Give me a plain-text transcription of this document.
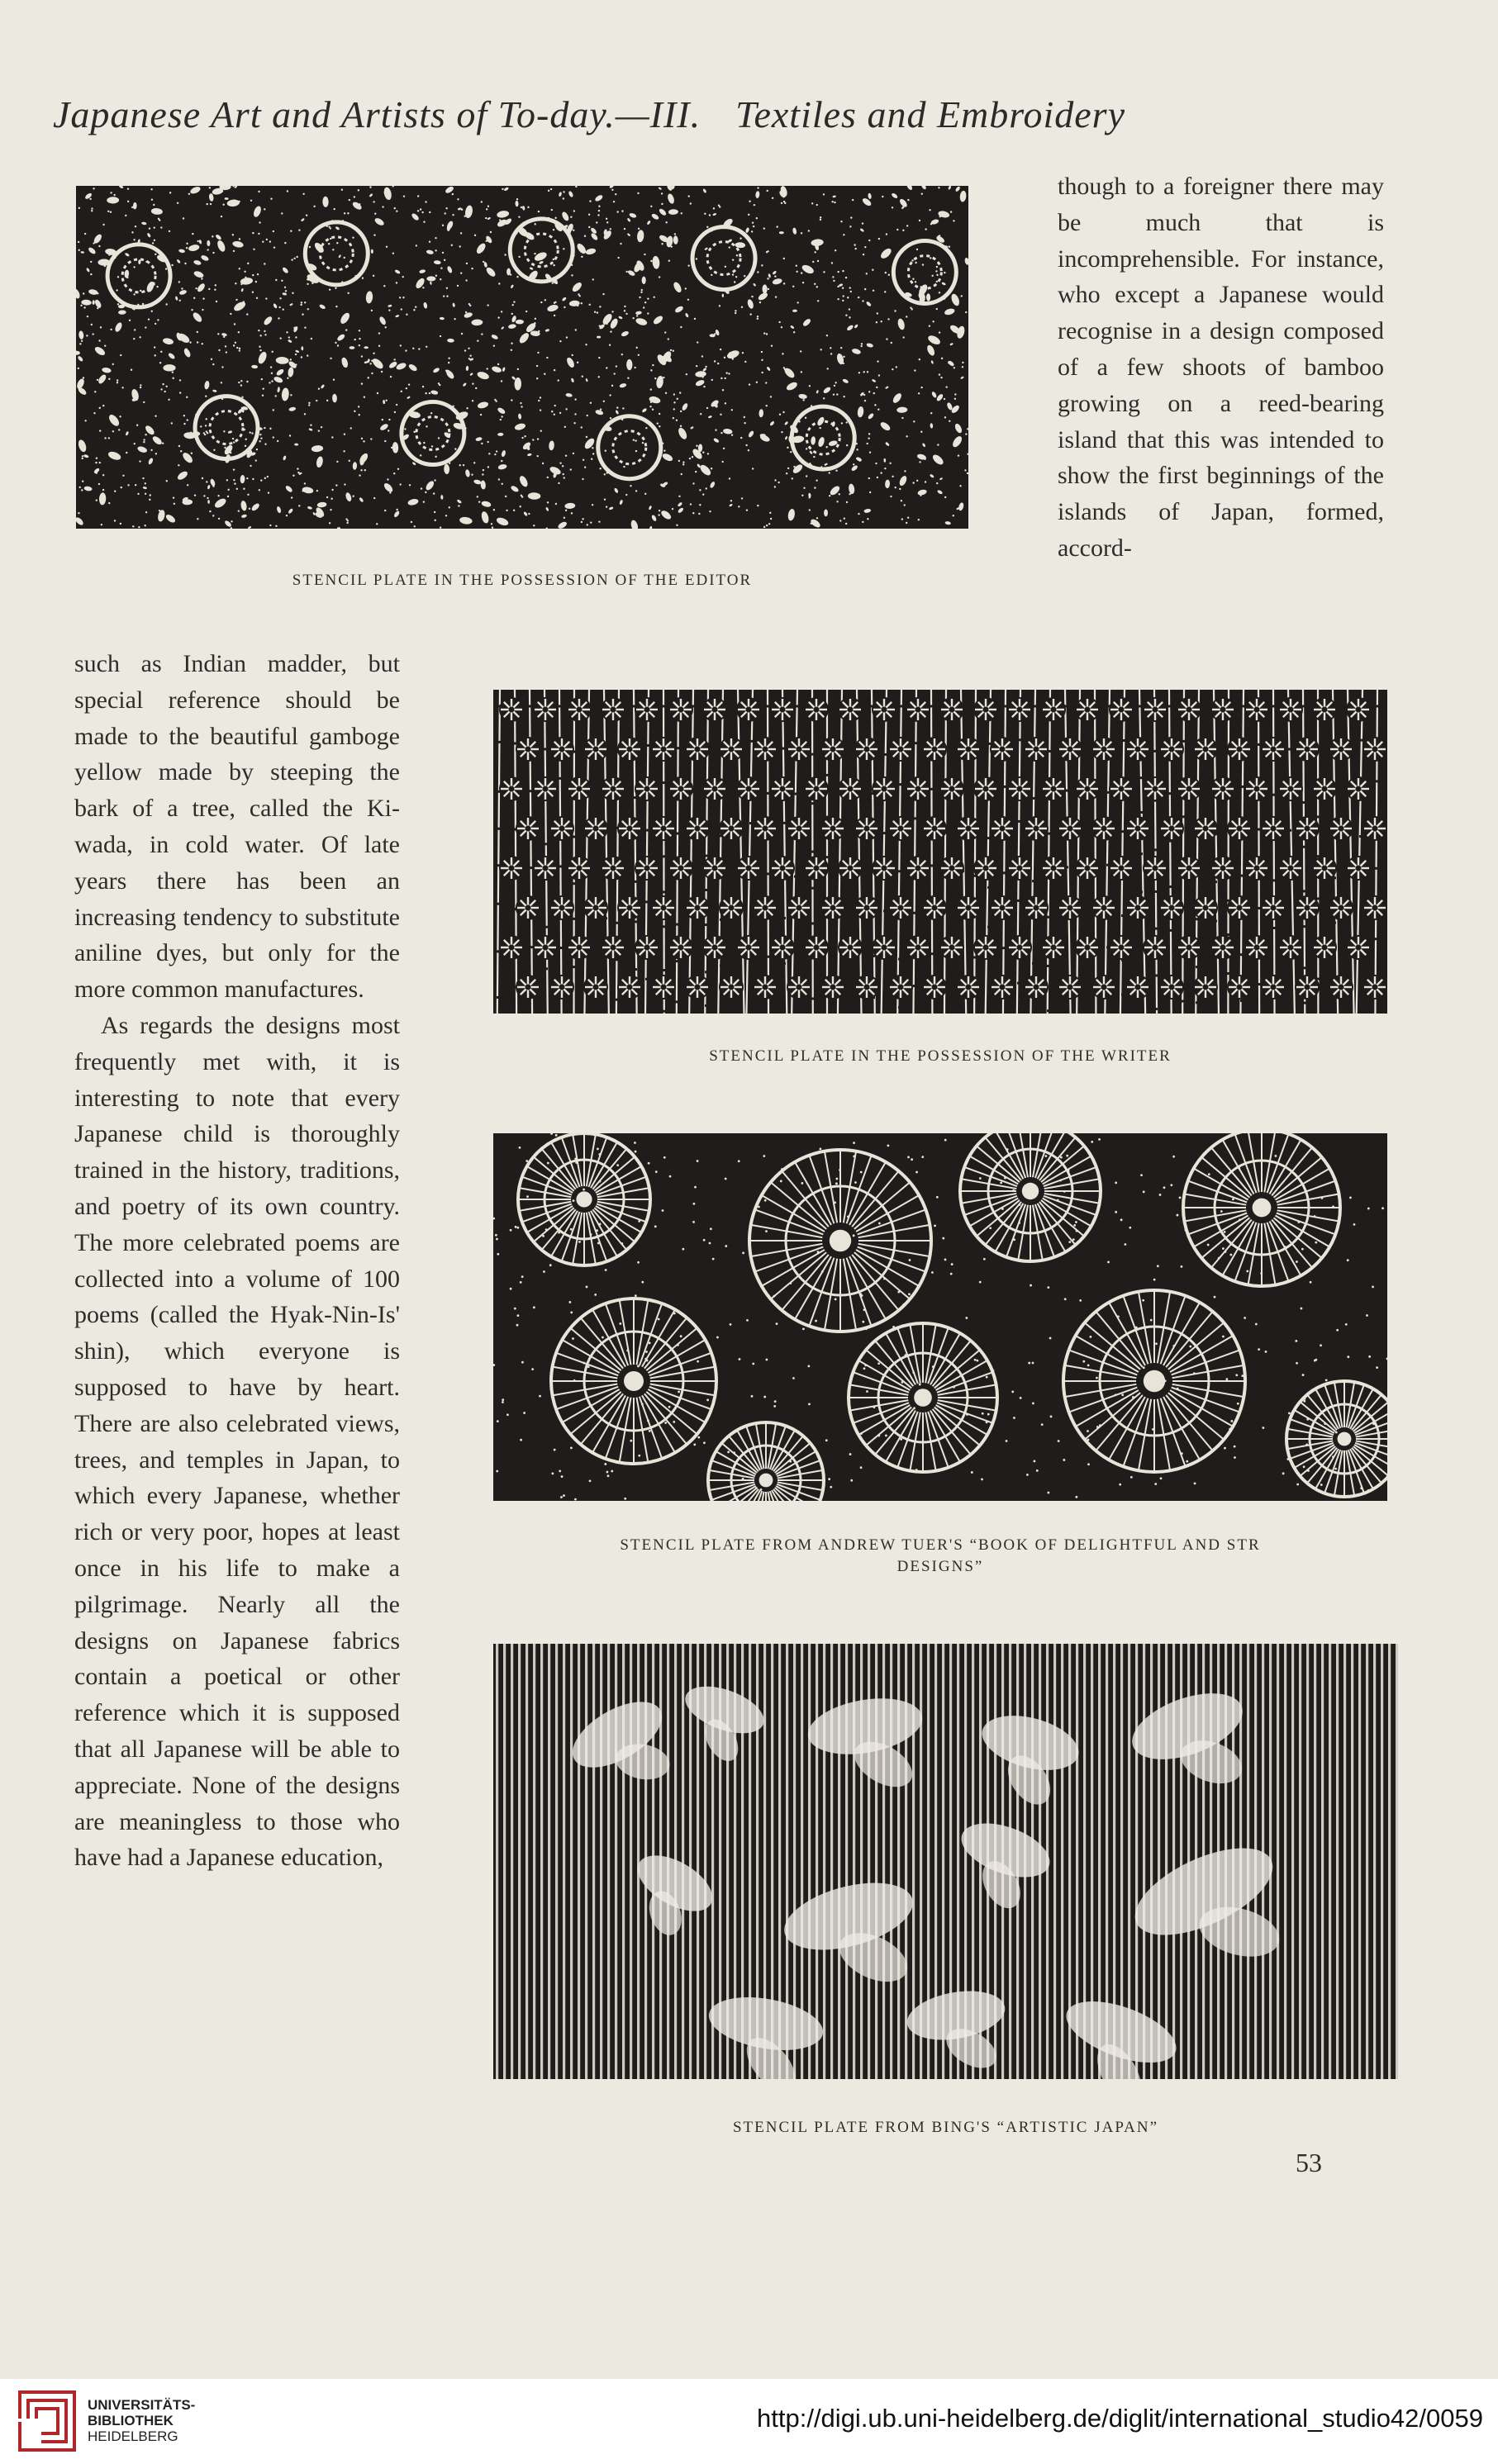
Japanese Art and Artists of To-day.—III. Textiles and Embroidery
STENCIL PLATE IN THE POSSESSION OF THE EDITOR

though to a foreigner there may be much that is incomprehensible. For instance, who except a Japanese would recognise in a design composed of a few shoots of bamboo growing on a reed-bearing island that this was intended to show the first beginnings of the islands of Japan, formed, accord-

such as Indian madder, but special reference should be made to the beautiful gamboge yellow made by steeping the bark of a tree, called the Ki-wada, in cold water. Of late years there has been an increasing tendency to substitute aniline dyes, but only for the more common manufactures.

As regards the designs most frequently met with, it is interesting to note that every Japanese child is thoroughly trained in the history, traditions, and poetry of its own country. The more celebrated poems are collected into a volume of 100 poems (called the Hyak-Nin-Is' shin), which everyone is supposed to have by heart. There are also celebrated views, trees, and temples in Japan, to which every Japanese, whether rich or very poor, hopes at least once in his life to make a pilgrimage. Nearly all the designs on Japanese fabrics contain a poetical or other reference which it is supposed that all Japanese will be able to appreciate. None of the designs are meaningless to those who have had a Japanese education,

STENCIL PLATE IN THE POSSESSION OF THE WRITER
STENCIL PLATE FROM ANDREW TUER'S “BOOK OF DELIGHTFUL AND STR
DESIGNS”
STENCIL PLATE FROM BING'S “ARTISTIC JAPAN”
53
UNIVERSITÄTS-
BIBLIOTHEK
HEIDELBERG
http://digi.ub.uni-heidelberg.de/diglit/international_studio42/0059
